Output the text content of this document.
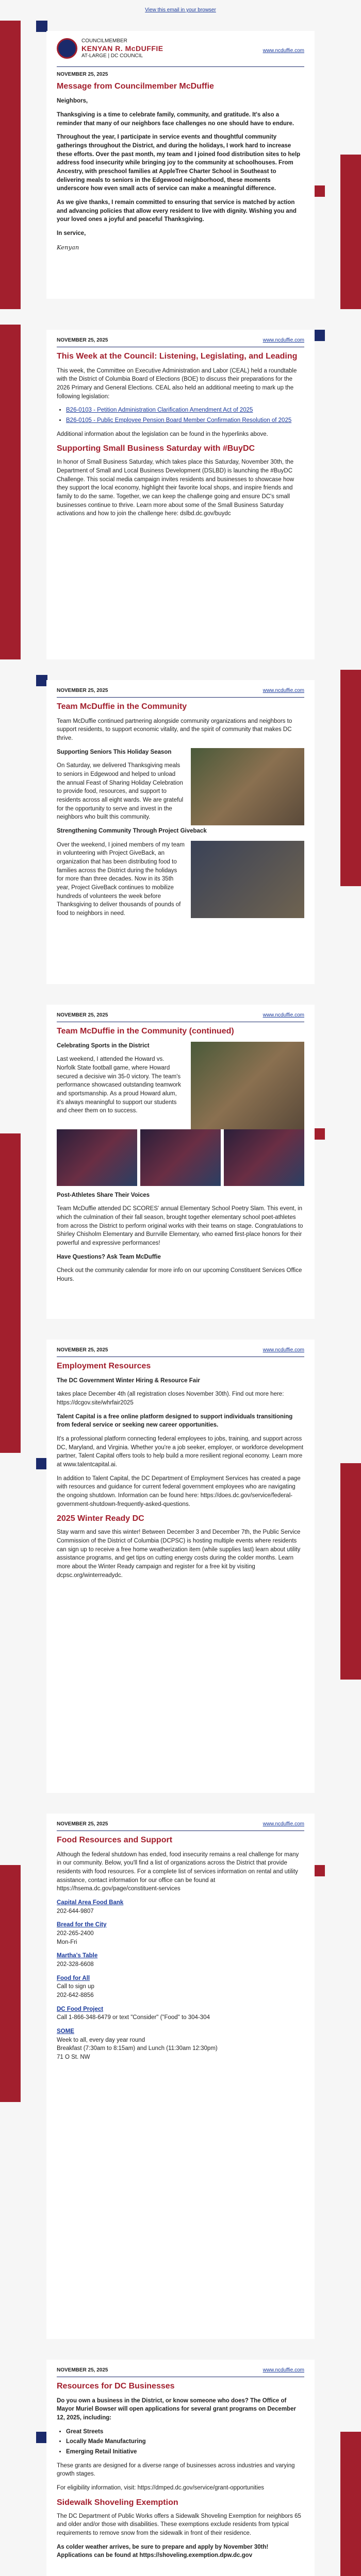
View this email in your browser
COUNCILMEMBER
KENYAN R. McDUFFIE
AT-LARGE | DC COUNCIL
www.ncduffie.com
NOVEMBER 25, 2025
Message from Councilmember McDuffie

Neighbors,

Thanksgiving is a time to celebrate family, community, and gratitude. It's also a reminder that many of our neighbors face challenges no one should have to endure.

Throughout the year, I participate in service events and thoughtful community gatherings throughout the District, and during the holidays, I work hard to increase these efforts. Over the past month, my team and I joined food distribution sites to help address food insecurity while bringing joy to the community at schoolhouses. From Ancestry, with preschool families at AppleTree Charter School in Southeast to delivering meals to seniors in the Edgewood neighborhood, these moments underscore how even small acts of service can make a meaningful difference.

As we give thanks, I remain committed to ensuring that service is matched by action and advancing policies that allow every resident to live with dignity. Wishing you and your loved ones a joyful and peaceful Thanksgiving.

In service,

Kenyan

NOVEMBER 25, 2025	www.ncduffie.com
This Week at the Council: Listening, Legislating, and Leading

This week, the Committee on Executive Administration and Labor (CEAL) held a roundtable with the District of Columbia Board of Elections (BOE) to discuss their preparations for the 2026 Primary and General Elections. CEAL also held an additional meeting to mark up the following legislation:

• B26-0103 - Petition Administration Clarification Amendment Act of 2025
• B26-0105 - Public Employee Pension Board Member Confirmation Resolution of 2025

Additional information about the legislation can be found in the hyperlinks above.

Supporting Small Business Saturday with #BuyDC

In honor of Small Business Saturday, which takes place this Saturday, November 30th, the Department of Small and Local Business Development (DSLBD) is launching the #BuyDC Challenge. This social media campaign invites residents and businesses to showcase how they support the local economy, highlight their favorite local shops, and inspire friends and family to do the same. Together, we can keep the challenge going and ensure DC's small businesses continue to thrive. Learn more about some of the Small Business Saturday activations and how to join the challenge here: dslbd.dc.gov/buydc

NOVEMBER 25, 2025	www.ncduffie.com
Team McDuffie in the Community

Team McDuffie continued partnering alongside community organizations and neighbors to support residents, to support economic vitality, and the spirit of community that makes DC thrive.

Supporting Seniors This Holiday Season

On Saturday, we delivered Thanksgiving meals to seniors in Edgewood and helped to unload the annual Feast of Sharing Holiday Celebration to provide food, resources, and support to residents across all eight wards. We are grateful for the opportunity to serve and invest in the neighbors who built this community.

Strengthening Community Through Project Giveback

Over the weekend, I joined members of my team in volunteering with Project GiveBack, an organization that has been distributing food to families across the District during the holidays for more than three decades. Now in its 35th year, Project GiveBack continues to mobilize hundreds of volunteers the week before Thanksgiving to deliver thousands of pounds of food to neighbors in need.

NOVEMBER 25, 2025	www.ncduffie.com
Team McDuffie in the Community (continued)

Celebrating Sports in the District

Last weekend, I attended the Howard vs. Norfolk State football game, where Howard secured a decisive win 35-0 victory. The team's performance showcased outstanding teamwork and sportsmanship. As a proud Howard alum, it's always meaningful to support our students and cheer them on to success.

Post-Athletes Share Their Voices

Team McDuffie attended DC SCORES' annual Elementary School Poetry Slam. This event, in which the culmination of their fall season, brought together elementary school poet-athletes from across the District to perform original works with their teams on stage. Congratulations to Shirley Chisholm Elementary and Burrville Elementary, who earned first-place honors for their powerful and expressive performances!

Have Questions? Ask Team McDuffie

Check out the community calendar for more info on our upcoming Constituent Services Office Hours.

NOVEMBER 25, 2025	www.ncduffie.com
Employment Resources

The DC Government Winter Hiring & Resource Fair

takes place December 4th (all registration closes November 30th). Find out more here: https://dcgov.site/whrfair2025

Talent Capital is a free online platform designed to support individuals transitioning from federal service or seeking new career opportunities.

It's a professional platform connecting federal employees to jobs, training, and support across DC, Maryland, and Virginia. Whether you're a job seeker, employer, or workforce development partner, Talent Capital offers tools to help build a more resilient regional economy. Learn more at www.talentcapital.ai.

In addition to Talent Capital, the DC Department of Employment Services has created a page with resources and guidance for current federal government employees who are navigating the ongoing shutdown. Information can be found here: https://does.dc.gov/service/federal-government-shutdown-frequently-asked-questions.

2025 Winter Ready DC

Stay warm and save this winter! Between December 3 and December 7th, the Public Service Commission of the District of Columbia (DCPSC) is hosting multiple events where residents can sign up to receive a free home weatherization item (while supplies last) learn about utility assistance programs, and get tips on cutting energy costs during the colder months. Learn more about the Winter Ready campaign and register for a free kit by visiting dcpsc.org/winterreadydc.

NOVEMBER 25, 2025	www.ncduffie.com
Food Resources and Support

Although the federal shutdown has ended, food insecurity remains a real challenge for many in our community. Below, you'll find a list of organizations across the District that provide residents with food resources. For a complete list of services information on rental and utility assistance, contact information for our office can be found at https://hsema.dc.gov/page/constituent-services

Capital Area Food Bank
202-644-9807
Bread for the City
202-265-2400
Mon-Fri
Martha's Table
202-328-6608
Food for All
Call to sign up
202-642-8856
DC Food Project
Call 1-866-348-6479 or text "Consider" ("Food" to 304-304
SOME
Week to all, every day year round
Breakfast (7:30am to 8:15am) and Lunch (11:30am 12:30pm)
71 O St. NW
NOVEMBER 25, 2025	www.ncduffie.com
Resources for DC Businesses

Do you own a business in the District, or know someone who does? The Office of Mayor Muriel Bowser will open applications for several grant programs on December 12, 2025, including:

• Great Streets
• Locally Made Manufacturing
• Emerging Retail Initiative

These grants are designed for a diverse range of businesses across industries and varying growth stages.

For eligibility information, visit: https://dmped.dc.gov/service/grant-opportunities

Sidewalk Shoveling Exemption

The DC Department of Public Works offers a Sidewalk Shoveling Exemption for neighbors 65 and older and/or those with disabilities. These exemptions exclude residents from typical requirements to remove snow from the sidewalk in front of their residence.

As colder weather arrives, be sure to prepare and apply by November 30th! Applications can be found at https://shoveling.exemption.dpw.dc.gov
